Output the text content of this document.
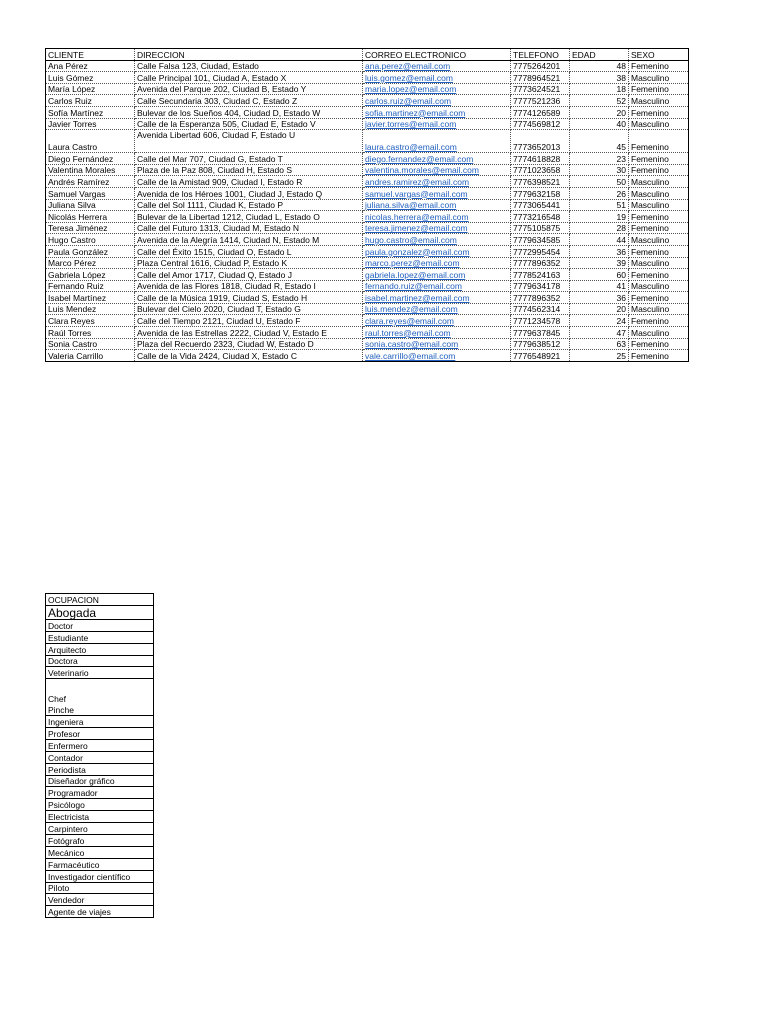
CLIENTE	DIRECCION	CORREO ELECTRONICO	TELEFONO	EDAD	SEXO
Ana Pérez	Calle Falsa 123, Ciudad, Estado	ana.perez@email.com	7775264201	48	Femenino
Luis Gómez	Calle Principal 101, Ciudad A, Estado X	luis.gomez@email.com	7778964521	38	Masculino
María López	Avenida del Parque 202, Ciudad B, Estado Y	maria.lopez@email.com	7773624521	18	Femenino
Carlos Ruiz	Calle Secundaria 303, Ciudad C, Estado Z	carlos.ruiz@email.com	7777521236	52	Masculino
Sofía Martínez	Bulevar de los Sueños 404, Ciudad D, Estado W	sofia.martinez@email.com	7774126589	20	Femenino
Javier Torres	Calle de la Esperanza 505, Ciudad E, Estado V	javier.torres@email.com	7774569812	40	Masculino
Laura Castro	Avenida Libertad 606, Ciudad F, Estado U	laura.castro@email.com	7773652013	45	Femenino
Diego Fernández	Calle del Mar 707, Ciudad G, Estado T	diego.fernandez@email.com	7774618828	23	Femenino
Valentina Morales	Plaza de la Paz 808, Ciudad H, Estado S	valentina.morales@email.com	7771023658	30	Femenino
Andrés Ramírez	Calle de la Amistad 909, Ciudad I, Estado R	andres.ramirez@email.com	7776398521	50	Masculino
Samuel Vargas	Avenida de los Héroes 1001, Ciudad J, Estado Q	samuel.vargas@email.com	7779632158	26	Masculino
Juliana Silva	Calle del Sol 1111, Ciudad K, Estado P	juliana.silva@email.com	7773065441	51	Masculino
Nicolás Herrera	Bulevar de la Libertad 1212, Ciudad L, Estado O	nicolas.herrera@email.com	7773216548	19	Femenino
Teresa Jiménez	Calle del Futuro 1313, Ciudad M, Estado N	teresa.jimenez@email.com	7775105875	28	Femenino
Hugo Castro	Avenida de la Alegría 1414, Ciudad N, Estado M	hugo.castro@email.com	7779634585	44	Masculino
Paula González	Calle del Éxito 1515, Ciudad O, Estado L	paula.gonzalez@email.com	7772995454	36	Femenino
Marco Pérez	Plaza Central 1616, Ciudad P, Estado K	marco.perez@email.com	7777896352	39	Masculino
Gabriela López	Calle del Amor 1717, Ciudad Q, Estado J	gabriela.lopez@email.com	7778524163	60	Femenino
Fernando Ruiz	Avenida de las Flores 1818, Ciudad R, Estado I	fernando.ruiz@email.com	7779634178	41	Masculino
Isabel Martínez	Calle de la Música 1919, Ciudad S, Estado H	isabel.martinez@email.com	7777896352	36	Femenino
Luis Mendez	Bulevar del Cielo 2020, Ciudad T, Estado G	luis.mendez@email.com	7774562314	20	Masculino
Clara Reyes	Calle del Tiempo 2121, Ciudad U, Estado F	clara.reyes@email.com	7771234578	24	Femenino
Raúl Torres	Avenida de las Estrellas 2222, Ciudad V, Estado E	raul.torres@email.com	7779637845	47	Masculino
Sonia Castro	Plaza del Recuerdo 2323, Ciudad W, Estado D	sonia.castro@email.com	7779638512	63	Femenino
Valeria Carrillo	Calle de la Vida 2424, Ciudad X, Estado C	vale.carrillo@email.com	7776548921	25	Femenino
OCUPACION
Abogada
Doctor
Estudiante
Arquitecto
Doctora
Veterinario

Chef
Pinche
Ingeniera
Profesor
Enfermero
Contador
Periodista
Diseñador gráfico
Programador
Psicólogo
Electricista
Carpintero
Fotógrafo
Mecánico
Farmacéutico
Investigador científico
Piloto
Vendedor
Agente de viajes
